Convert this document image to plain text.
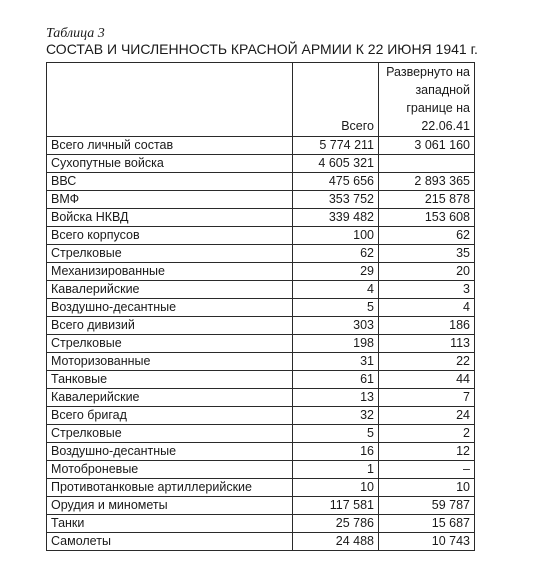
Таблица 3
СОСТАВ И ЧИСЛЕННОСТЬ КРАСНОЙ АРМИИ К 22 ИЮНЯ 1941 г.
	Всего	Развернуто на западной границе на 22.06.41
Всего личный состав	5 774 211	3 061 160
Сухопутные войска	4 605 321	
ВВС	475 656	2 893 365
ВМФ	353 752	215 878
Войска НКВД	339 482	153 608
Всего корпусов	100	62
Стрелковые	62	35
Механизированные	29	20
Кавалерийские	4	3
Воздушно-десантные	5	4
Всего дивизий	303	186
Стрелковые	198	113
Моторизованные	31	22
Танковые	61	44
Кавалерийские	13	7
Всего бригад	32	24
Стрелковые	5	2
Воздушно-десантные	16	12
Мотоброневые	1	–
Противотанковые артиллерийские	10	10
Орудия и минометы	117 581	59 787
Танки	25 786	15 687
Самолеты	24 488	10 743
